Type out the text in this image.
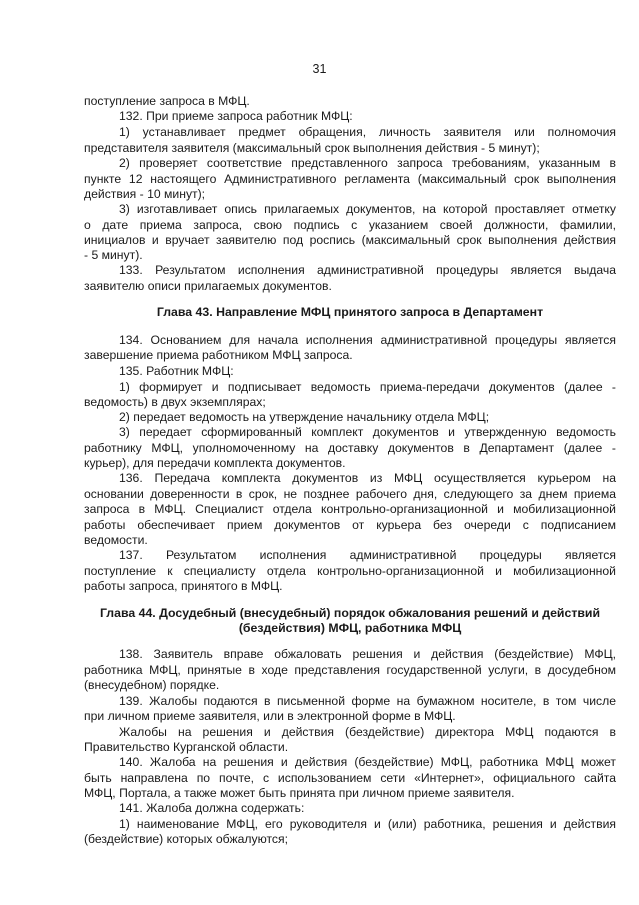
31
поступление запроса в МФЦ.
132. При приеме запроса работник МФЦ:
1) устанавливает предмет обращения, личность заявителя или полномочия
представителя заявителя (максимальный срок выполнения действия - 5 минут);
2) проверяет соответствие представленного запроса требованиям, указанным в
пункте 12 настоящего Административного регламента (максимальный срок выполнения
действия - 10 минут);
3) изготавливает опись прилагаемых документов, на которой проставляет отметку
о дате приема запроса, свою подпись с указанием своей должности, фамилии,
инициалов и вручает заявителю под роспись (максимальный срок выполнения действия
- 5 минут).
133. Результатом исполнения административной процедуры является выдача
заявителю описи прилагаемых документов.
Глава 43. Направление МФЦ принятого запроса в Департамент
134. Основанием для начала исполнения административной процедуры является
завершение приема работником МФЦ запроса.
135. Работник МФЦ:
1) формирует и подписывает ведомость приема-передачи документов (далее -
ведомость) в двух экземплярах;
2) передает ведомость на утверждение начальнику отдела МФЦ;
3) передает сформированный комплект документов и утвержденную ведомость
работнику МФЦ, уполномоченному на доставку документов в Департамент (далее -
курьер), для передачи комплекта документов.
136. Передача комплекта документов из МФЦ осуществляется курьером на
основании доверенности в срок, не позднее рабочего дня, следующего за днем приема
запроса в МФЦ. Специалист отдела контрольно-организационной и мобилизационной
работы обеспечивает прием документов от курьера без очереди с подписанием
ведомости.
137. Результатом исполнения административной процедуры является
поступление к специалисту отдела контрольно-организационной и мобилизационной
работы запроса, принятого в МФЦ.
Глава 44. Досудебный (внесудебный) порядок обжалования решений и действий
(бездействия) МФЦ, работника МФЦ
138. Заявитель вправе обжаловать решения и действия (бездействие) МФЦ,
работника МФЦ, принятые в ходе представления государственной услуги, в досудебном
(внесудебном) порядке.
139. Жалобы подаются в письменной форме на бумажном носителе, в том числе
при личном приеме заявителя, или в электронной форме в МФЦ.
Жалобы на решения и действия (бездействие) директора МФЦ подаются в
Правительство Курганской области.
140. Жалоба на решения и действия (бездействие) МФЦ, работника МФЦ может
быть направлена по почте, с использованием сети «Интернет», официального сайта
МФЦ, Портала, а также может быть принята при личном приеме заявителя.
141. Жалоба должна содержать:
1) наименование МФЦ, его руководителя и (или) работника, решения и действия
(бездействие) которых обжалуются;
